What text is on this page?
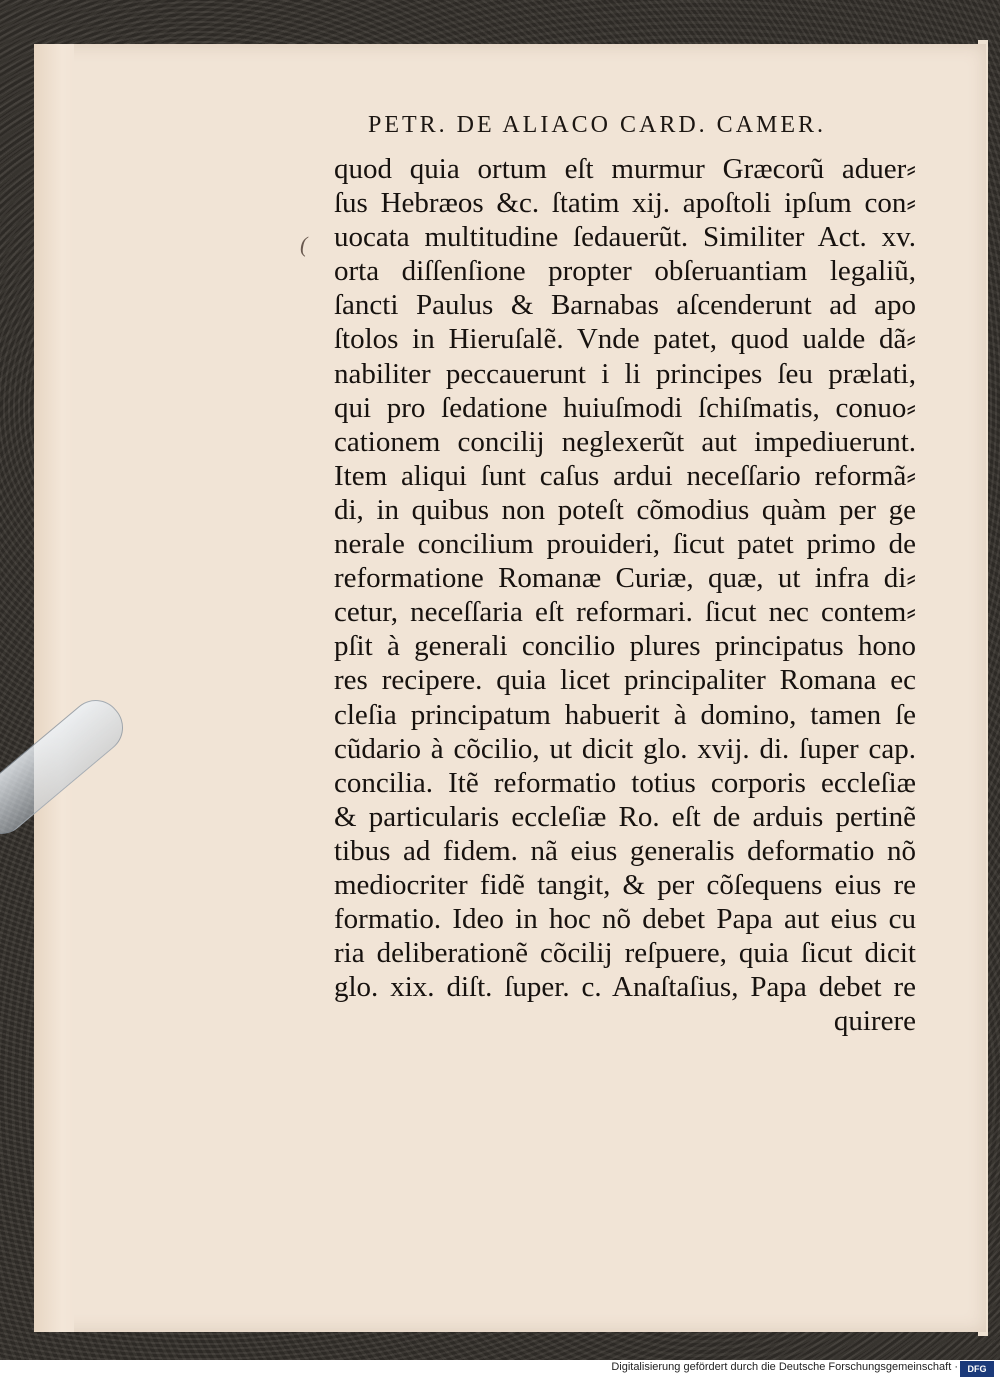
(
PETR. DE ALIACO CARD. CAMER.
quod quia ortum eſt murmur Græcorũ aduer⸗
ſus Hebræos &c. ſtatim xij. apoſtoli ipſum con⸗
uocata multitudine ſedauerũt. Similiter Act. xv.
orta diſſenſione propter obſeruantiam legaliũ,
ſancti Paulus & Barnabas aſcenderunt ad apo
ſtolos in Hieruſalẽ. Vnde patet, quod ualde dã⸗
nabiliter peccauerunt i li principes ſeu prælati,
qui pro ſedatione huiuſmodi ſchiſmatis, conuo⸗
cationem concilij neglexerũt aut impediuerunt.
Item aliqui ſunt caſus ardui neceſſario reformã⸗
di, in quibus non poteſt cõmodius quàm per ge
nerale concilium prouideri, ſicut patet primo de
reformatione Romanæ Curiæ, quæ, ut infra di⸗
cetur, neceſſaria eſt reformari. ſicut nec contem⸗
pſit à generali concilio plures principatus hono
res recipere. quia licet principaliter Romana ec
cleſia principatum habuerit à domino, tamen ſe
cũdario à cõcilio, ut dicit glo. xvij. di. ſuper cap.
concilia. Itẽ reformatio totius corporis eccleſiæ
& particularis eccleſiæ Ro. eſt de arduis pertinẽ
tibus ad fidem. nã eius generalis deformatio nõ
mediocriter fidẽ tangit, & per cõſequens eius re
formatio. Ideo in hoc nõ debet Papa aut eius cu
ria deliberationẽ cõcilij reſpuere, quia ſicut dicit
glo. xix. diſt. ſuper. c. Anaſtaſius, Papa debet re
quirere
Digitalisierung gefördert durch die Deutsche Forschungsgemeinschaft ·	DFG
